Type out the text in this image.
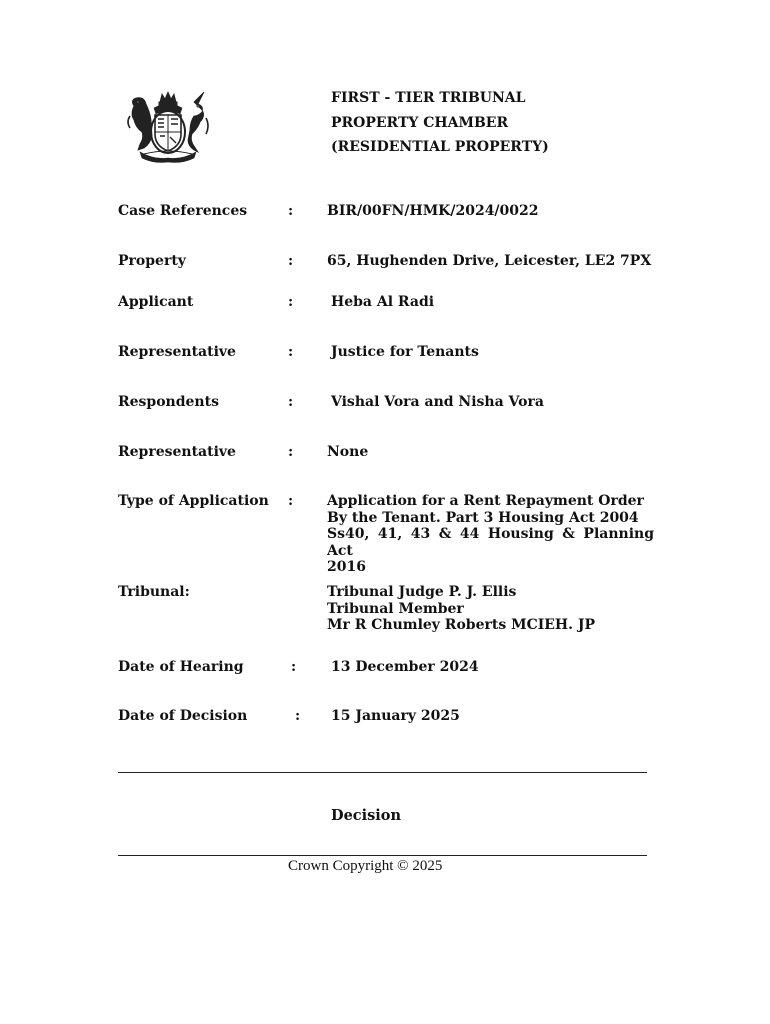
FIRST - TIER TRIBUNAL
PROPERTY CHAMBER
(RESIDENTIAL PROPERTY)
Case References	: BIR/00FN/HMK/2024/0022
Property	: 65, Hughenden Drive, Leicester, LE2 7PX
Applicant	:	Heba Al Radi
Representative	:	Justice for Tenants
Respondents	:	Vishal Vora and Nisha Vora
Representative	: None
Type of Application : Application for a Rent Repayment Order
By the Tenant. Part 3 Housing Act 2004
Ss40, 41, 43 & 44 Housing & Planning Act
2016
Tribunal:	Tribunal Judge P. J. Ellis
Tribunal Member
Mr R Chumley Roberts MCIEH. JP
Date of Hearing	: 13 December 2024
Date of Decision	: 15 January 2025
Decision
Crown Copyright © 2025
